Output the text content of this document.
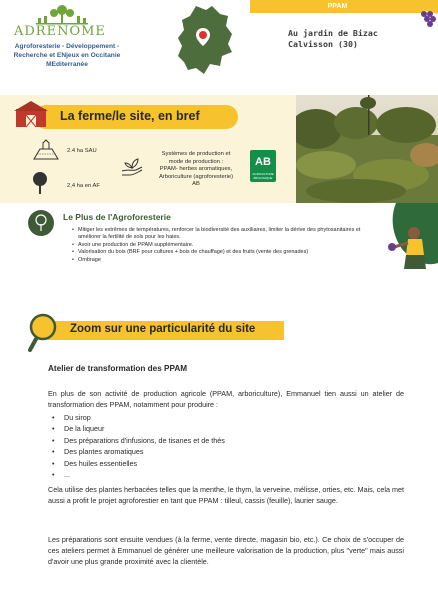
ADRENOME
Agroforesterie - Développement - Recherche et ENjeux en Occitanie MEditerranée
PPAM
Au jardin de Bizac
Calvisson (30)
La ferme/le site, en bref
2.4 ha SAU
2,4 ha en AF
Systèmes de production et
mode de production :
PPAM- herbes aromatiques,
Arboriculture (agroforesterie)
AB
AB
AGRICULTURE BIOLOGIQUE
Le Plus de l'Agroforesterie
• Mitiger les extrêmes de températures, renforcer la biodiversité des auxiliaires, limiter la dérive des phytosanitaires et améliorer la fertilité de sols pour les haies.
• Avoir une production de PPAM supplémentaire.
• Valorisation du bois (BRF pour cultures + bois de chauffage) et des fruits (vente des grenades)
• Ombrage
Zoom sur une particularité du site
Atelier de transformation des PPAM
En plus de son activité de production agricole (PPAM, arboriculture), Emmanuel tien aussi un atelier de transformation des PPAM, notamment pour produire :
• Du sirop
• De la liqueur
• Des préparations d'infusions, de tisanes et de thés
• Des plantes aromatiques
• Des huiles essentielles
• ...
Cela utilise des plantes herbacées telles que la menthe, le thym, la verveine, mélisse, orties, etc. Mais, cela met aussi a profit le projet agroforestier en tant que PPAM : tilleul, cassis (feuille), laurier sauge.
Les préparations sont ensuite vendues (à la ferme, vente directe, magasin bio, etc.). Ce choix de s'occuper de ces ateliers permet à Emmanuel de générer une meilleure valorisation de la production, plus "verte" mais aussi d'avoir une plus grande proximité avec la clientèle.
